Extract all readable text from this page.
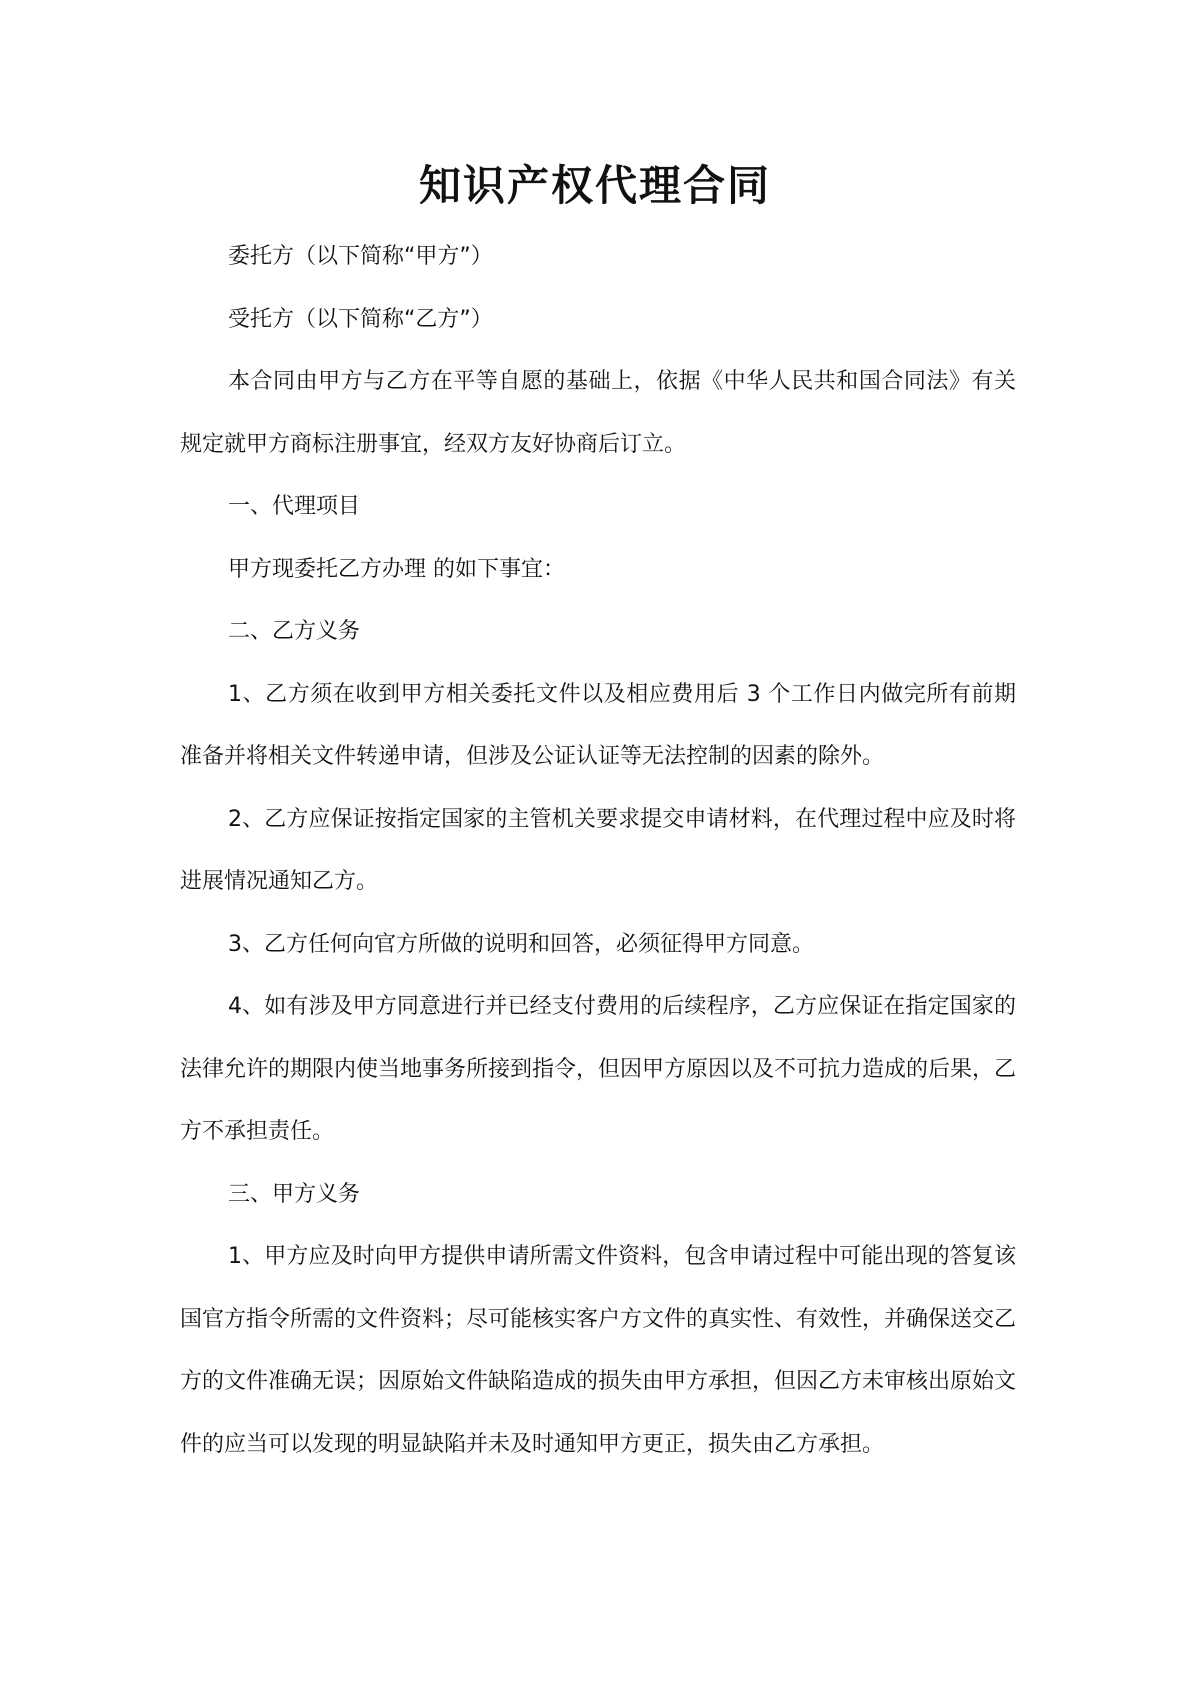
知识产权代理合同

委托方（以下简称“甲方”）

受托方（以下简称“乙方”）

本合同由甲方与乙方在平等自愿的基础上，依据《中华人民共和国合同法》有关规定就甲方商标注册事宜，经双方友好协商后订立。

一、代理项目

甲方现委托乙方办理 的如下事宜：

二、乙方义务

1、乙方须在收到甲方相关委托文件以及相应费用后 3 个工作日内做完所有前期准备并将相关文件转递申请，但涉及公证认证等无法控制的因素的除外。

2、乙方应保证按指定国家的主管机关要求提交申请材料，在代理过程中应及时将进展情况通知乙方。

3、乙方任何向官方所做的说明和回答，必须征得甲方同意。

4、如有涉及甲方同意进行并已经支付费用的后续程序，乙方应保证在指定国家的法律允许的期限内使当地事务所接到指令，但因甲方原因以及不可抗力造成的后果，乙方不承担责任。

三、甲方义务

1、甲方应及时向甲方提供申请所需文件资料，包含申请过程中可能出现的答复该国官方指令所需的文件资料；尽可能核实客户方文件的真实性、有效性，并确保送交乙方的文件准确无误；因原始文件缺陷造成的损失由甲方承担，但因乙方未审核出原始文件的应当可以发现的明显缺陷并未及时通知甲方更正，损失由乙方承担。
